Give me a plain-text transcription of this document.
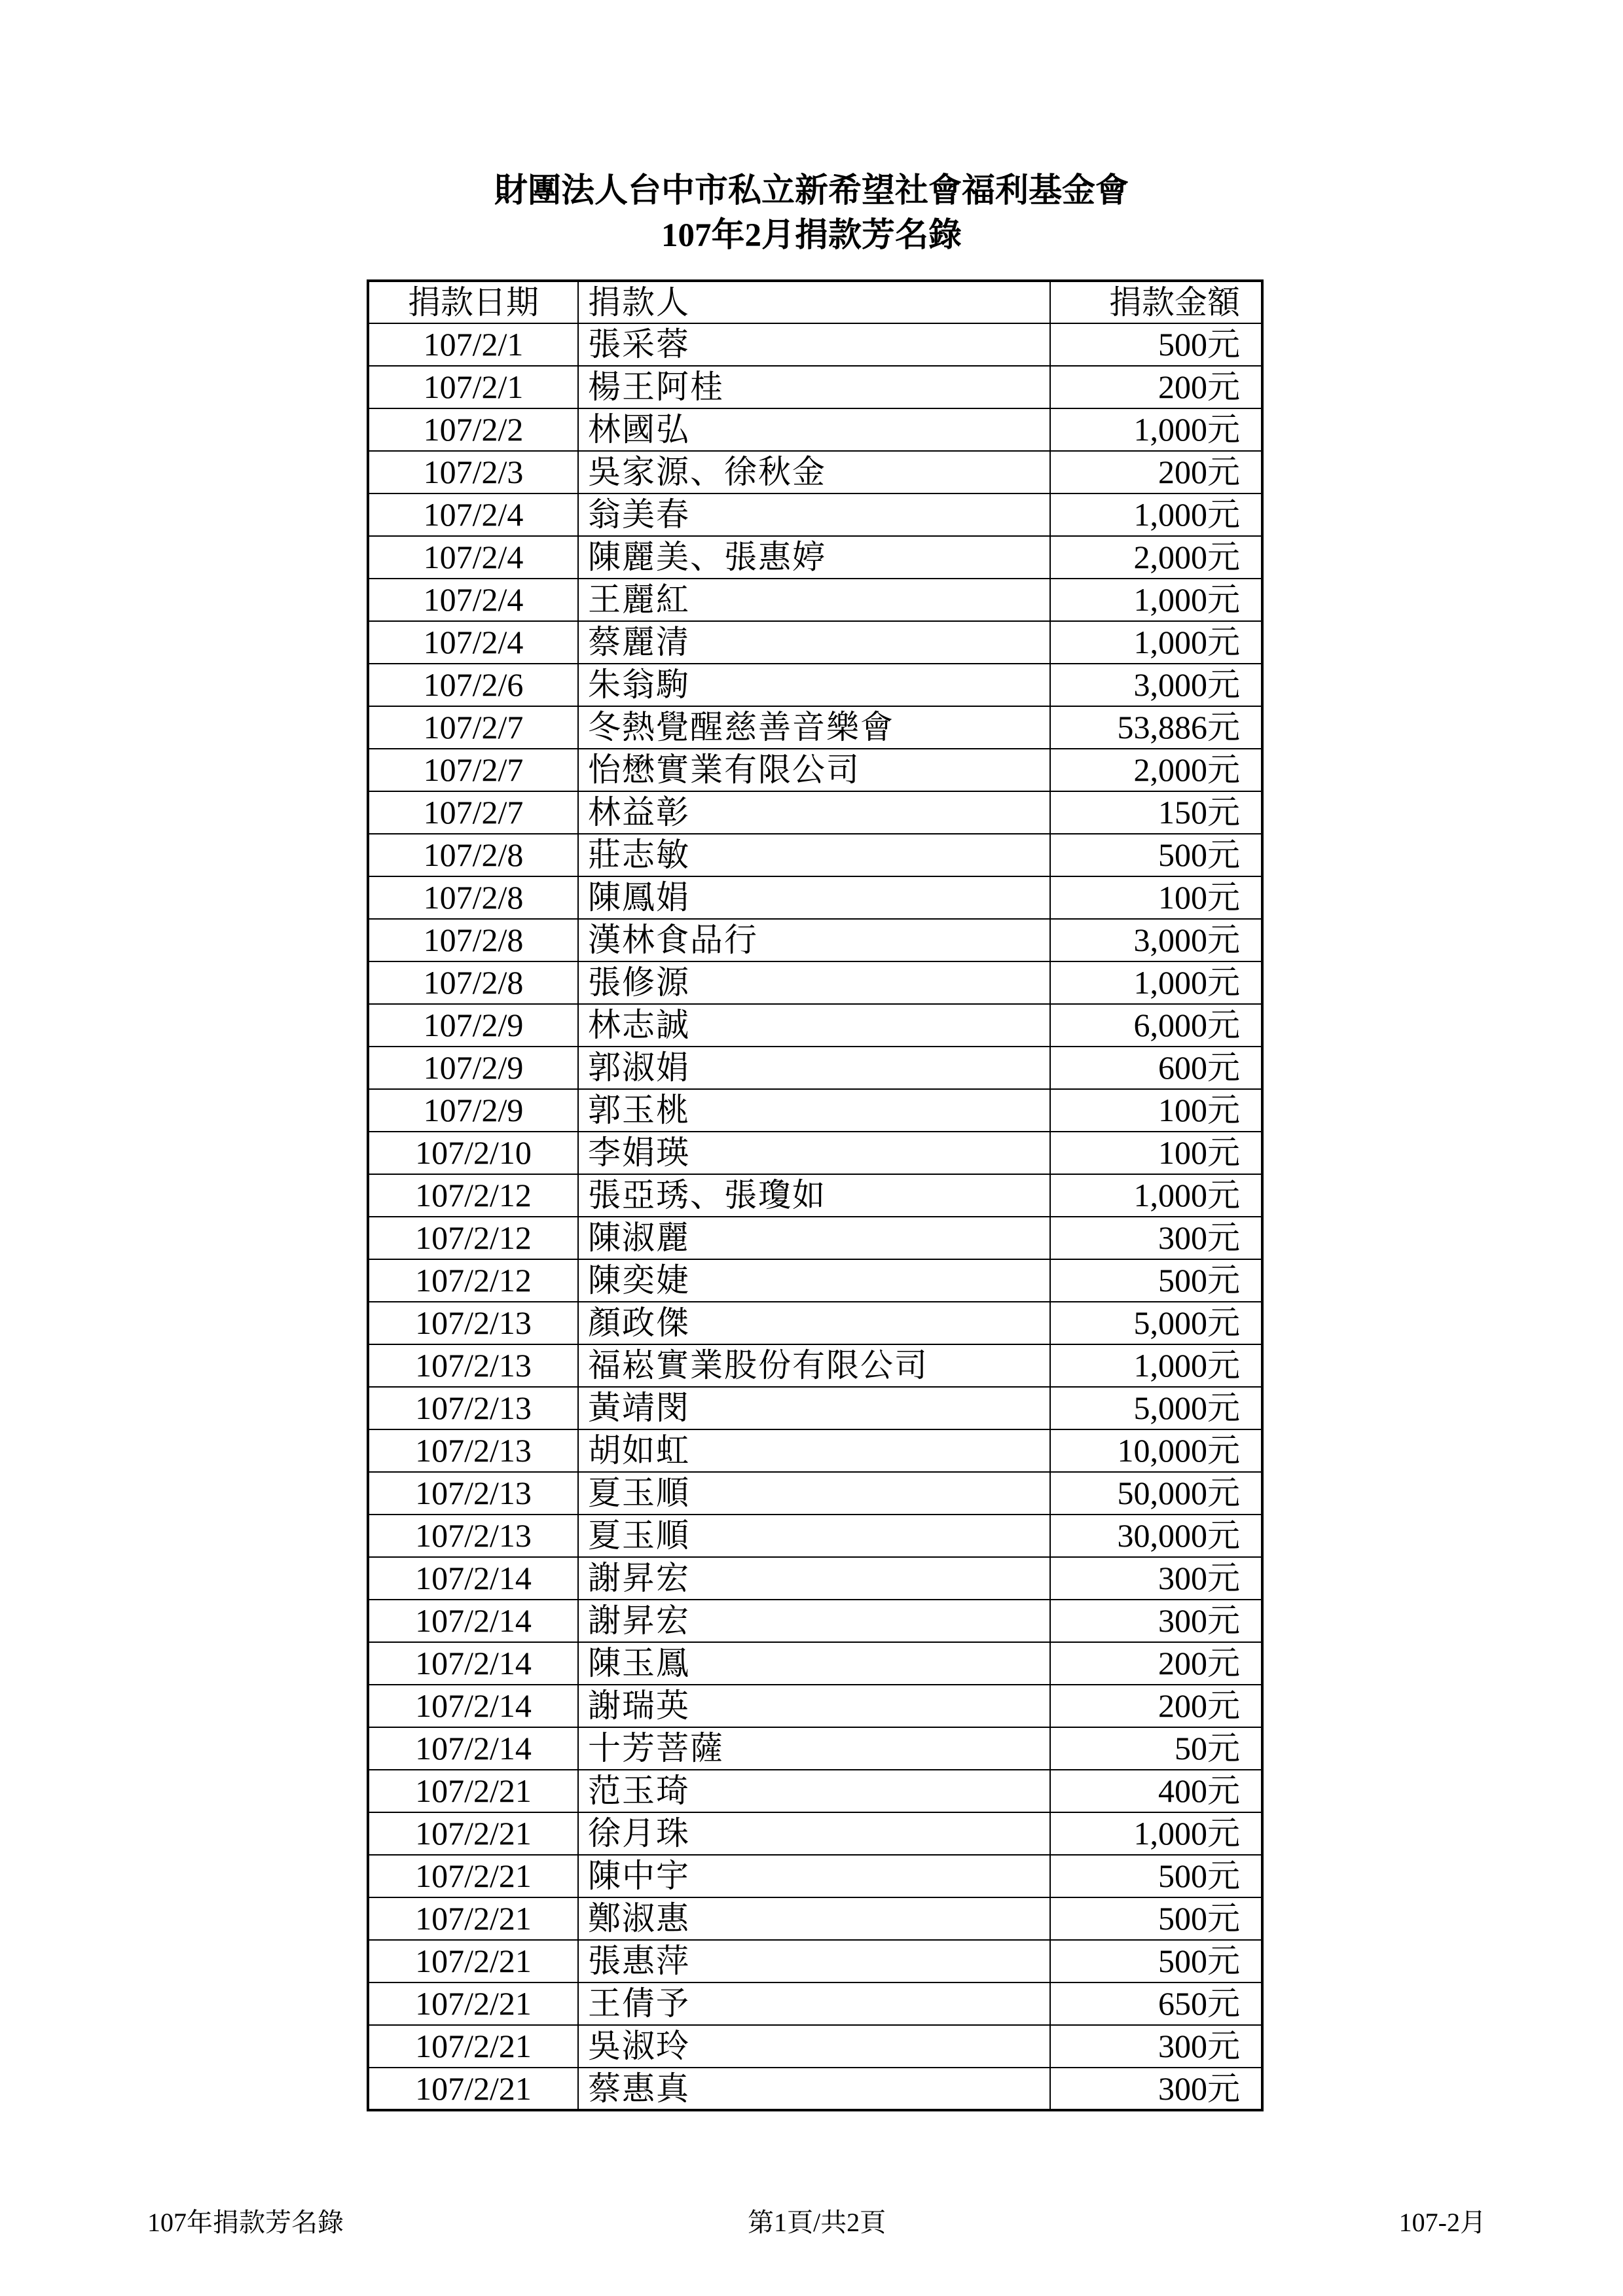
財團法人台中市私立新希望社會福利基金會
107年2月捐款芳名錄
捐款日期	捐款人	捐款金額
107/2/1	張采蓉	500元
107/2/1	楊王阿桂	200元
107/2/2	林國弘	1,000元
107/2/3	吳家源、徐秋金	200元
107/2/4	翁美春	1,000元
107/2/4	陳麗美、張惠婷	2,000元
107/2/4	王麗紅	1,000元
107/2/4	蔡麗清	1,000元
107/2/6	朱翁駒	3,000元
107/2/7	冬熱覺醒慈善音樂會	53,886元
107/2/7	怡懋實業有限公司	2,000元
107/2/7	林益彰	150元
107/2/8	莊志敏	500元
107/2/8	陳鳳娟	100元
107/2/8	漢林食品行	3,000元
107/2/8	張修源	1,000元
107/2/9	林志誠	6,000元
107/2/9	郭淑娟	600元
107/2/9	郭玉桃	100元
107/2/10	李娟瑛	100元
107/2/12	張亞琇、張瓊如	1,000元
107/2/12	陳淑麗	300元
107/2/12	陳奕婕	500元
107/2/13	顏政傑	5,000元
107/2/13	福崧實業股份有限公司	1,000元
107/2/13	黃靖閔	5,000元
107/2/13	胡如虹	10,000元
107/2/13	夏玉順	50,000元
107/2/13	夏玉順	30,000元
107/2/14	謝昇宏	300元
107/2/14	謝昇宏	300元
107/2/14	陳玉鳳	200元
107/2/14	謝瑞英	200元
107/2/14	十芳菩薩	50元
107/2/21	范玉琦	400元
107/2/21	徐月珠	1,000元
107/2/21	陳中宇	500元
107/2/21	鄭淑惠	500元
107/2/21	張惠萍	500元
107/2/21	王倩予	650元
107/2/21	吳淑玲	300元
107/2/21	蔡惠真	300元
107年捐款芳名錄	第1頁/共2頁	107-2月
